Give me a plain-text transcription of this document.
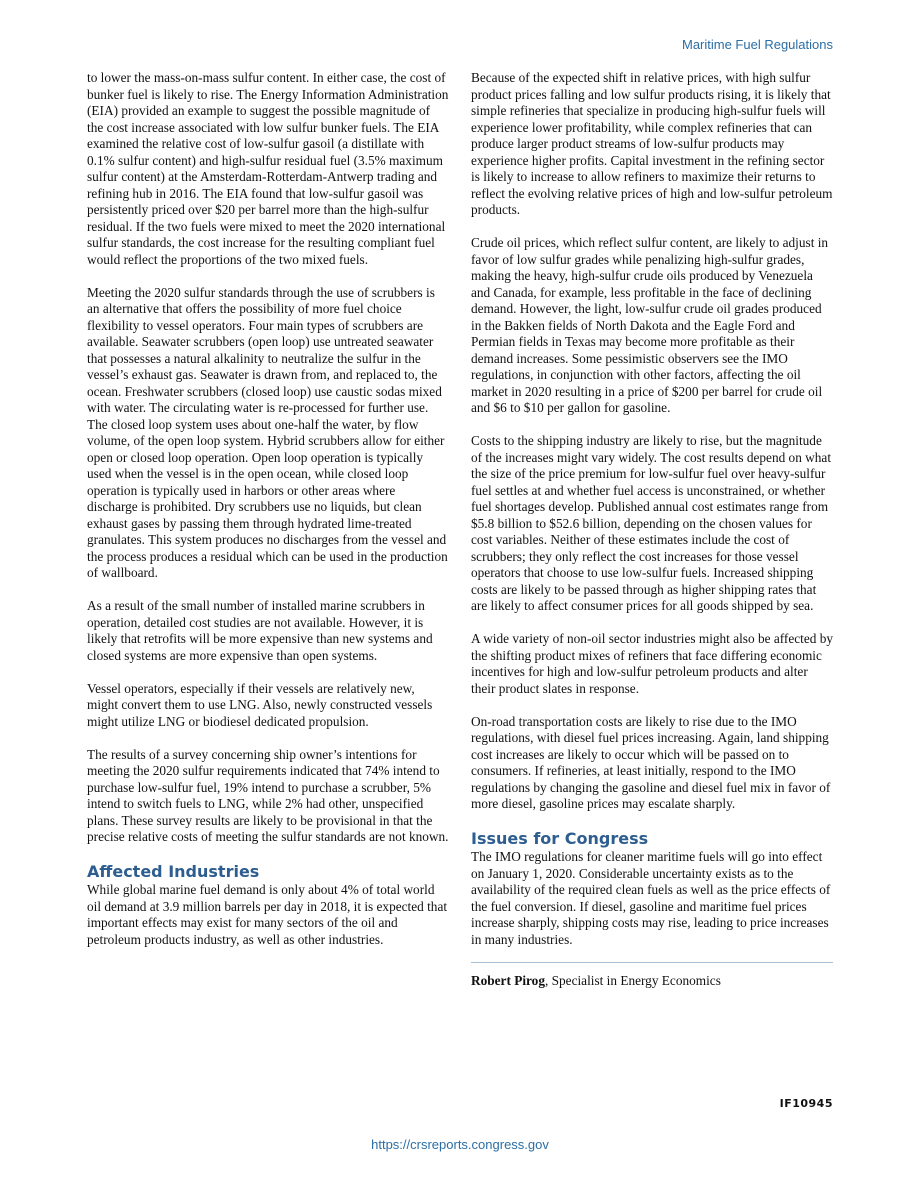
Maritime Fuel Regulations

to lower the mass-on-mass sulfur content. In either case, the cost of bunker fuel is likely to rise. The Energy Information Administration (EIA) provided an example to suggest the possible magnitude of the cost increase associated with low sulfur bunker fuels. The EIA examined the relative cost of low-sulfur gasoil (a distillate with 0.1% sulfur content) and high-sulfur residual fuel (3.5% maximum sulfur content) at the Amsterdam-Rotterdam-Antwerp trading and refining hub in 2016. The EIA found that low-sulfur gasoil was persistently priced over $20 per barrel more than the high-sulfur residual. If the two fuels were mixed to meet the 2020 international sulfur standards, the cost increase for the resulting compliant fuel would reflect the proportions of the two mixed fuels.

Meeting the 2020 sulfur standards through the use of scrubbers is an alternative that offers the possibility of more fuel choice flexibility to vessel operators. Four main types of scrubbers are available. Seawater scrubbers (open loop) use untreated seawater that possesses a natural alkalinity to neutralize the sulfur in the vessel’s exhaust gas. Seawater is drawn from, and replaced to, the ocean. Freshwater scrubbers (closed loop) use caustic sodas mixed with water. The circulating water is re-processed for further use. The closed loop system uses about one-half the water, by flow volume, of the open loop system. Hybrid scrubbers allow for either open or closed loop operation. Open loop operation is typically used when the vessel is in the open ocean, while closed loop operation is typically used in harbors or other areas where discharge is prohibited. Dry scrubbers use no liquids, but clean exhaust gases by passing them through hydrated lime-treated granulates. This system produces no discharges from the vessel and the process produces a residual which can be used in the production of wallboard.

As a result of the small number of installed marine scrubbers in operation, detailed cost studies are not available. However, it is likely that retrofits will be more expensive than new systems and closed systems are more expensive than open systems.

Vessel operators, especially if their vessels are relatively new, might convert them to use LNG. Also, newly constructed vessels might utilize LNG or biodiesel dedicated propulsion.

The results of a survey concerning ship owner’s intentions for meeting the 2020 sulfur requirements indicated that 74% intend to purchase low-sulfur fuel, 19% intend to purchase a scrubber, 5% intend to switch fuels to LNG, while 2% had other, unspecified plans. These survey results are likely to be provisional in that the precise relative costs of meeting the sulfur standards are not known.

Affected Industries

While global marine fuel demand is only about 4% of total world oil demand at 3.9 million barrels per day in 2018, it is expected that important effects may exist for many sectors of the oil and petroleum products industry, as well as other industries.

Because of the expected shift in relative prices, with high sulfur product prices falling and low sulfur products rising, it is likely that simple refineries that specialize in producing high-sulfur fuels will experience lower profitability, while complex refineries that can produce larger product streams of low-sulfur products may experience higher profits. Capital investment in the refining sector is likely to increase to allow refiners to maximize their returns to reflect the evolving relative prices of high and low-sulfur petroleum products.

Crude oil prices, which reflect sulfur content, are likely to adjust in favor of low sulfur grades while penalizing high-sulfur grades, making the heavy, high-sulfur crude oils produced by Venezuela and Canada, for example, less profitable in the face of declining demand. However, the light, low-sulfur crude oil grades produced in the Bakken fields of North Dakota and the Eagle Ford and Permian fields in Texas may become more profitable as their demand increases. Some pessimistic observers see the IMO regulations, in conjunction with other factors, affecting the oil market in 2020 resulting in a price of $200 per barrel for crude oil and $6 to $10 per gallon for gasoline.

Costs to the shipping industry are likely to rise, but the magnitude of the increases might vary widely. The cost results depend on what the size of the price premium for low-sulfur fuel over heavy-sulfur fuel settles at and whether fuel access is unconstrained, or whether fuel shortages develop. Published annual cost estimates range from $5.8 billion to $52.6 billion, depending on the chosen values for cost variables. Neither of these estimates include the cost of scrubbers; they only reflect the cost increases for those vessel operators that choose to use low-sulfur fuels. Increased shipping costs are likely to be passed through as higher shipping rates that are likely to affect consumer prices for all goods shipped by sea.

A wide variety of non-oil sector industries might also be affected by the shifting product mixes of refiners that face differing economic incentives for high and low-sulfur petroleum products and alter their product slates in response.

On-road transportation costs are likely to rise due to the IMO regulations, with diesel fuel prices increasing. Again, land shipping cost increases are likely to occur which will be passed on to consumers. If refineries, at least initially, respond to the IMO regulations by changing the gasoline and diesel fuel mix in favor of more diesel, gasoline prices may escalate sharply.

Issues for Congress

The IMO regulations for cleaner maritime fuels will go into effect on January 1, 2020. Considerable uncertainty exists as to the availability of the required clean fuels as well as the price effects of the fuel conversion. If diesel, gasoline and maritime fuel prices increase sharply, shipping costs may rise, leading to price increases in many industries.

Robert Pirog, Specialist in Energy Economics

IF10945
https://crsreports.congress.gov
